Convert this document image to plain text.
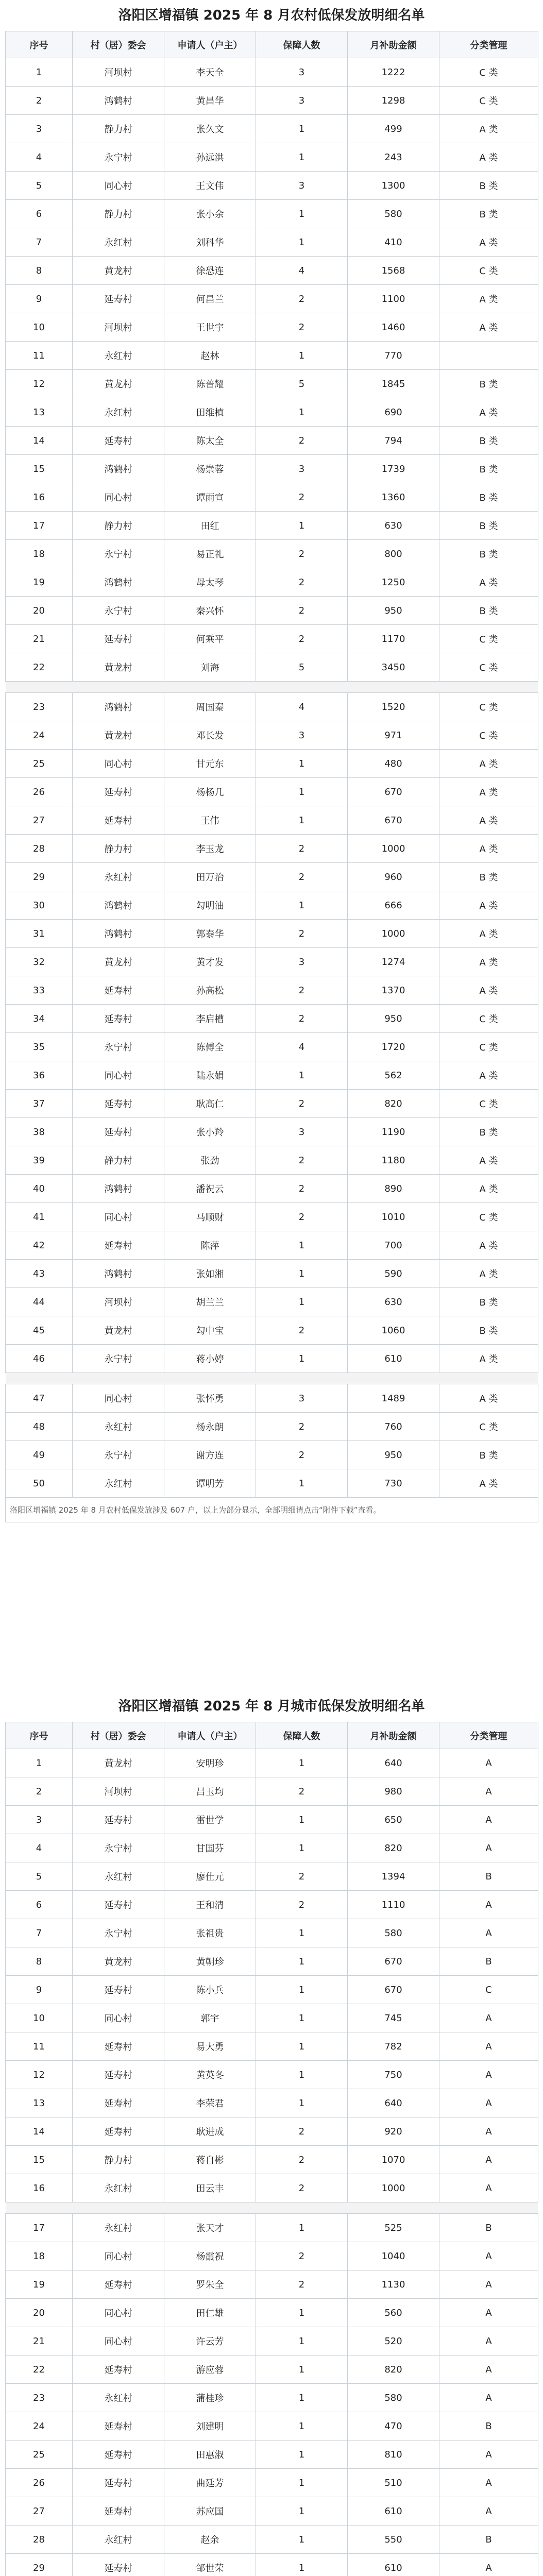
洛阳区增福镇 2025 年 8 月农村低保发放明细名单
序号	村（居）委会	申请人（户主）	保障人数	月补助金额	分类管理
1	河坝村	李天全	3	1222	C 类
2	鸿鹤村	黄昌华	3	1298	C 类
3	静力村	张久文	1	499	A 类
4	永宁村	孙远洪	1	243	A 类
5	同心村	王文伟	3	1300	B 类
6	静力村	张小余	1	580	B 类
7	永红村	刘科华	1	410	A 类
8	黄龙村	徐恐连	4	1568	C 类
9	延寿村	何昌兰	2	1100	A 类
10	河坝村	王世宇	2	1460	A 类
11	永红村	赵林	1	770	
12	黄龙村	陈普耀	5	1845	B 类
13	永红村	田维植	1	690	A 类
14	延寿村	陈太全	2	794	B 类
15	鸿鹤村	杨崇蓉	3	1739	B 类
16	同心村	谭雨宣	2	1360	B 类
17	静力村	田红	1	630	B 类
18	永宁村	易正礼	2	800	B 类
19	鸿鹤村	母太琴	2	1250	A 类
20	永宁村	秦兴怀	2	950	B 类
21	延寿村	何乘平	2	1170	C 类
22	黄龙村	刘海	5	3450	C 类

23	鸿鹤村	周国秦	4	1520	C 类
24	黄龙村	邓长发	3	971	C 类
25	同心村	甘元东	1	480	A 类
26	延寿村	杨杨几	1	670	A 类
27	延寿村	王伟	1	670	A 类
28	静力村	李玉龙	2	1000	A 类
29	永红村	田万治	2	960	B 类
30	鸿鹤村	勾明油	1	666	A 类
31	鸿鹤村	郭泰华	2	1000	A 类
32	黄龙村	黄才发	3	1274	A 类
33	延寿村	孙高松	2	1370	A 类
34	延寿村	李启槽	2	950	C 类
35	永宁村	陈傅全	4	1720	C 类
36	同心村	陆永娟	1	562	A 类
37	延寿村	耿高仁	2	820	C 类
38	延寿村	张小羚	3	1190	B 类
39	静力村	张劲	2	1180	A 类
40	鸿鹤村	潘祝云	2	890	A 类
41	同心村	马顺财	2	1010	C 类
42	延寿村	陈萍	1	700	A 类
43	鸿鹤村	张如湘	1	590	A 类
44	河坝村	胡兰兰	1	630	B 类
45	黄龙村	勾中宝	2	1060	B 类
46	永宁村	蒋小婷	1	610	A 类

47	同心村	张怀勇	3	1489	A 类
48	永红村	杨永朗	2	760	C 类
49	永宁村	谢方连	2	950	B 类
50	永红村	谭明芳	1	730	A 类
洛阳区增福镇 2025 年 8 月农村低保发放涉及 607 户，以上为部分显示，全部明细请点击“附件下载”查看。					
洛阳区增福镇 2025 年 8 月城市低保发放明细名单
序号	村（居）委会	申请人（户主）	保障人数	月补助金额	分类管理
1	黄龙村	安明珍	1	640	A
2	河坝村	吕玉均	2	980	A
3	延寿村	雷世学	1	650	A
4	永宁村	甘国芬	1	820	A
5	永红村	廖仕元	2	1394	B
6	延寿村	王和清	2	1110	A
7	永宁村	张祖贵	1	580	A
8	黄龙村	黄朝珍	1	670	B
9	延寿村	陈小兵	1	670	C
10	同心村	郭宇	1	745	A
11	延寿村	易大勇	1	782	A
12	延寿村	黄英冬	1	750	A
13	延寿村	李荣君	1	640	A
14	延寿村	耿进成	2	920	A
15	静力村	蒋自彬	2	1070	A
16	永红村	田云丰	2	1000	A

17	永红村	张天才	1	525	B
18	同心村	杨霞祝	2	1040	A
19	延寿村	罗朱全	2	1130	A
20	同心村	田仁雄	1	560	A
21	同心村	许云芳	1	520	A
22	延寿村	游应蓉	1	820	A
23	永红村	蒲桂珍	1	580	A
24	延寿村	刘建明	1	470	B
25	延寿村	田惠淑	1	810	A
26	延寿村	曲廷芳	1	510	A
27	延寿村	苏应国	1	610	A
28	永红村	赵余	1	550	B
29	延寿村	邹世荣	1	610	A
